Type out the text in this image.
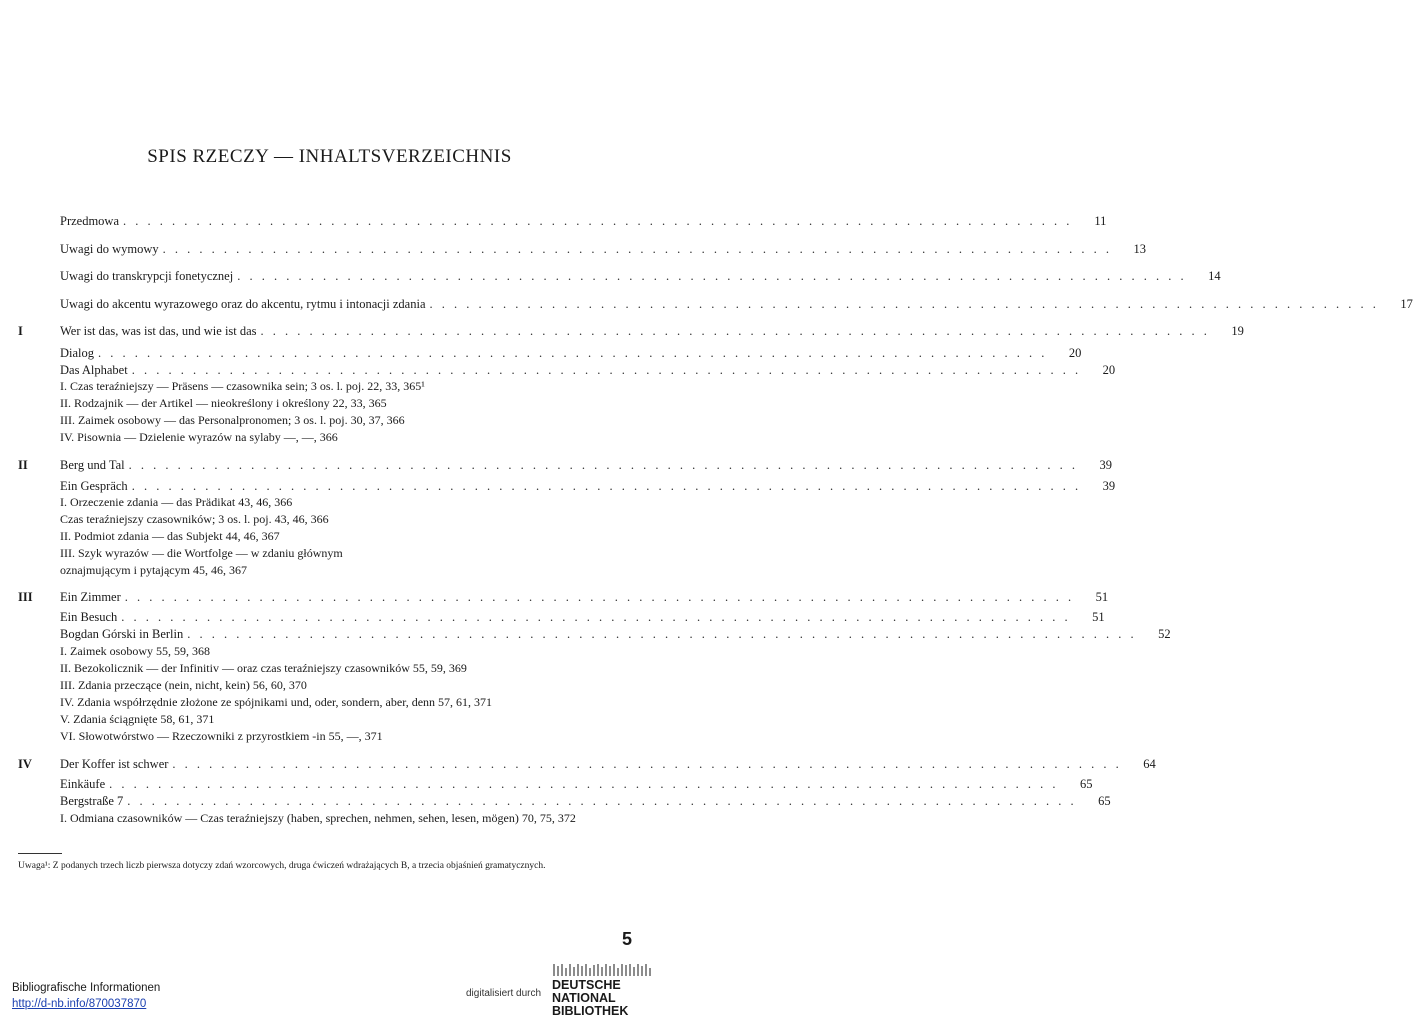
SPIS RZECZY — INHALTSVERZEICHNIS
Przedmowa . . . . . . . . . . . . . . . . . . . . . . . . . . . . . . . . . . . . . . . . . . . . . . . . . . . . . . . . . . . . . . . . . . . . . . . . . . . . . .	11
Uwagi do wymowy . . . . . . . . . . . . . . . . . . . . . . . . . . . . . . . . . . . . . . . . . . . . . . . . . . . . . . . . . . . . . . . . . . . . . . . . . . . . . .	13
Uwagi do transkrypcji fonetycznej . . . . . . . . . . . . . . . . . . . . . . . . . . . . . . . . . . . . . . . . . . . . . . . . . . . . . . . . . . . . . . . . . . . . . . . . . . . . . .	14
Uwagi do akcentu wyrazowego oraz do akcentu, rytmu i intonacji zdania . . . . . . . . . . . . . . . . . . . . . . . . . . . . . . . . . . . . . . . . . . . . . . . . . . . . . . . . . . . . . . . . . . . . . . . . . . . . . .	17
I	Wer ist das, was ist das, und wie ist das . . . . . . . . . . . . . . . . . . . . . . . . . . . . . . . . . . . . . . . . . . . . . . . . . . . . . . . . . . . . . . . . . . . . . . . . . . . . . .	19
Dialog . . . . . . . . . . . . . . . . . . . . . . . . . . . . . . . . . . . . . . . . . . . . . . . . . . . . . . . . . . . . . . . . . . . . . . . . . . . . . .	20
Das Alphabet . . . . . . . . . . . . . . . . . . . . . . . . . . . . . . . . . . . . . . . . . . . . . . . . . . . . . . . . . . . . . . . . . . . . . . . . . . . . . .	20
I. Czas teraźniejszy — Präsens — czasownika sein; 3 os. l. poj. 22, 33, 365¹
II. Rodzajnik — der Artikel — nieokreślony i określony 22, 33, 365
III. Zaimek osobowy — das Personalpronomen; 3 os. l. poj. 30, 37, 366
IV. Pisownia — Dzielenie wyrazów na sylaby —, —, 366
II	Berg und Tal . . . . . . . . . . . . . . . . . . . . . . . . . . . . . . . . . . . . . . . . . . . . . . . . . . . . . . . . . . . . . . . . . . . . . . . . . . . . . .	39
Ein Gespräch . . . . . . . . . . . . . . . . . . . . . . . . . . . . . . . . . . . . . . . . . . . . . . . . . . . . . . . . . . . . . . . . . . . . . . . . . . . . . .	39
I. Orzeczenie zdania — das Prädikat 43, 46, 366
Czas teraźniejszy czasowników; 3 os. l. poj. 43, 46, 366
II. Podmiot zdania — das Subjekt 44, 46, 367
III. Szyk wyrazów — die Wortfolge — w zdaniu głównym
oznajmującym i pytającym 45, 46, 367
III Ein Zimmer . . . . . . . . . . . . . . . . . . . . . . . . . . . . . . . . . . . . . . . . . . . . . . . . . . . . . . . . . . . . . . . . . . . . . . . . . . . . . .	51
Ein Besuch . . . . . . . . . . . . . . . . . . . . . . . . . . . . . . . . . . . . . . . . . . . . . . . . . . . . . . . . . . . . . . . . . . . . . . . . . . . . . .	51
Bogdan Górski in Berlin . . . . . . . . . . . . . . . . . . . . . . . . . . . . . . . . . . . . . . . . . . . . . . . . . . . . . . . . . . . . . . . . . . . . . . . . . . . . . .	52
I. Zaimek osobowy 55, 59, 368
II. Bezokolicznik — der Infinitiv — oraz czas teraźniejszy czasowników 55, 59, 369
III. Zdania przeczące (nein, nicht, kein) 56, 60, 370
IV. Zdania współrzędnie złożone ze spójnikami und, oder, sondern, aber, denn 57, 61, 371
V. Zdania ściągnięte 58, 61, 371
VI. Słowotwórstwo — Rzeczowniki z przyrostkiem -in 55, —, 371
IV Der Koffer ist schwer . . . . . . . . . . . . . . . . . . . . . . . . . . . . . . . . . . . . . . . . . . . . . . . . . . . . . . . . . . . . . . . . . . . . . . . . . . . . . .	64
Einkäufe . . . . . . . . . . . . . . . . . . . . . . . . . . . . . . . . . . . . . . . . . . . . . . . . . . . . . . . . . . . . . . . . . . . . . . . . . . . . . .	65
Bergstraße 7 . . . . . . . . . . . . . . . . . . . . . . . . . . . . . . . . . . . . . . . . . . . . . . . . . . . . . . . . . . . . . . . . . . . . . . . . . . . . . .	65
I. Odmiana czasowników — Czas teraźniejszy (haben, sprechen, nehmen, sehen, lesen, mögen) 70, 75, 372
Uwaga¹: Z podanych trzech liczb pierwsza dotyczy zdań wzorcowych, druga ćwiczeń wdrażających B, a trzecia objaśnień gramatycznych.
5
Bibliografische Informationen
http://d-nb.info/870037870
digitalisiert durch
DEUTSCHE
NATIONAL
BIBLIOTHEK
